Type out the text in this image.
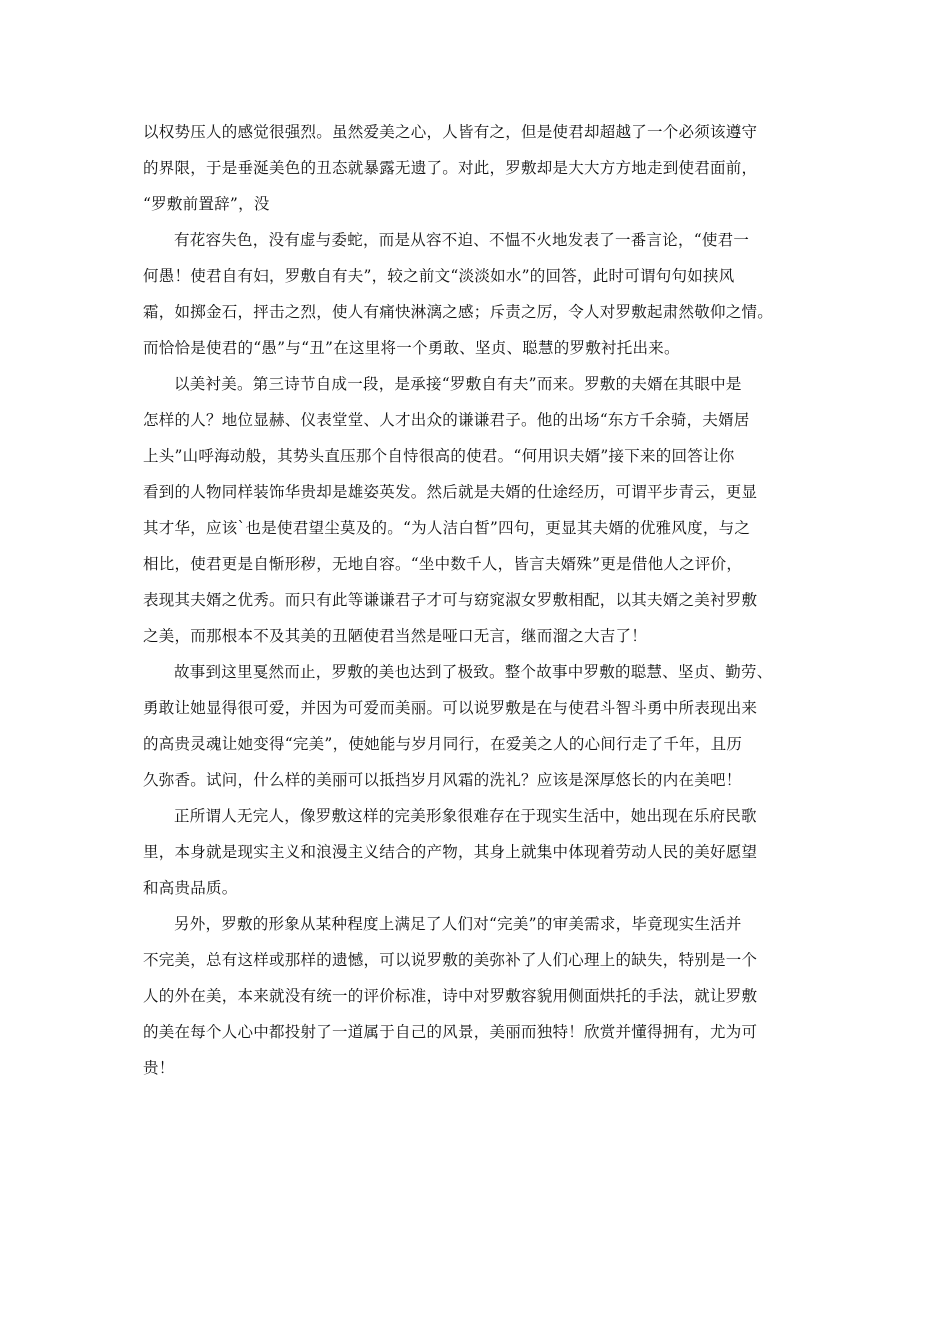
以权势压人的感觉很强烈。虽然爱美之心，人皆有之，但是使君却超越了一个必须该遵守
的界限，于是垂涎美色的丑态就暴露无遗了。对此，罗敷却是大大方方地走到使君面前，
“罗敷前置辞”，没
有花容失色，没有虚与委蛇，而是从容不迫、不愠不火地发表了一番言论，“使君一
何愚！使君自有妇，罗敷自有夫”，较之前文“淡淡如水”的回答，此时可谓句句如挟风
霜，如掷金石，抨击之烈，使人有痛快淋漓之感；斥责之厉，令人对罗敷起肃然敬仰之情。
而恰恰是使君的“愚”与“丑”在这里将一个勇敢、坚贞、聪慧的罗敷衬托出来。
以美衬美。第三诗节自成一段，是承接“罗敷自有夫”而来。罗敷的夫婿在其眼中是
怎样的人？地位显赫、仪表堂堂、人才出众的谦谦君子。他的出场“东方千余骑，夫婿居
上头”山呼海动般，其势头直压那个自恃很高的使君。“何用识夫婿”接下来的回答让你
看到的人物同样装饰华贵却是雄姿英发。然后就是夫婿的仕途经历，可谓平步青云，更显
其才华，应该`也是使君望尘莫及的。“为人洁白皙”四句，更显其夫婿的优雅风度，与之
相比，使君更是自惭形秽，无地自容。“坐中数千人，皆言夫婿殊”更是借他人之评价，
表现其夫婿之优秀。而只有此等谦谦君子才可与窈窕淑女罗敷相配，以其夫婿之美衬罗敷
之美，而那根本不及其美的丑陋使君当然是哑口无言，继而溜之大吉了！
故事到这里戛然而止，罗敷的美也达到了极致。整个故事中罗敷的聪慧、坚贞、勤劳、
勇敢让她显得很可爱，并因为可爱而美丽。可以说罗敷是在与使君斗智斗勇中所表现出来
的高贵灵魂让她变得“完美”，使她能与岁月同行，在爱美之人的心间行走了千年，且历
久弥香。试问，什么样的美丽可以抵挡岁月风霜的洗礼？应该是深厚悠长的内在美吧！
正所谓人无完人，像罗敷这样的完美形象很难存在于现实生活中，她出现在乐府民歌
里，本身就是现实主义和浪漫主义结合的产物，其身上就集中体现着劳动人民的美好愿望
和高贵品质。
另外，罗敷的形象从某种程度上满足了人们对“完美”的审美需求，毕竟现实生活并
不完美，总有这样或那样的遗憾，可以说罗敷的美弥补了人们心理上的缺失，特别是一个
人的外在美，本来就没有统一的评价标准，诗中对罗敷容貌用侧面烘托的手法，就让罗敷
的美在每个人心中都投射了一道属于自己的风景，美丽而独特！欣赏并懂得拥有，尤为可
贵！
